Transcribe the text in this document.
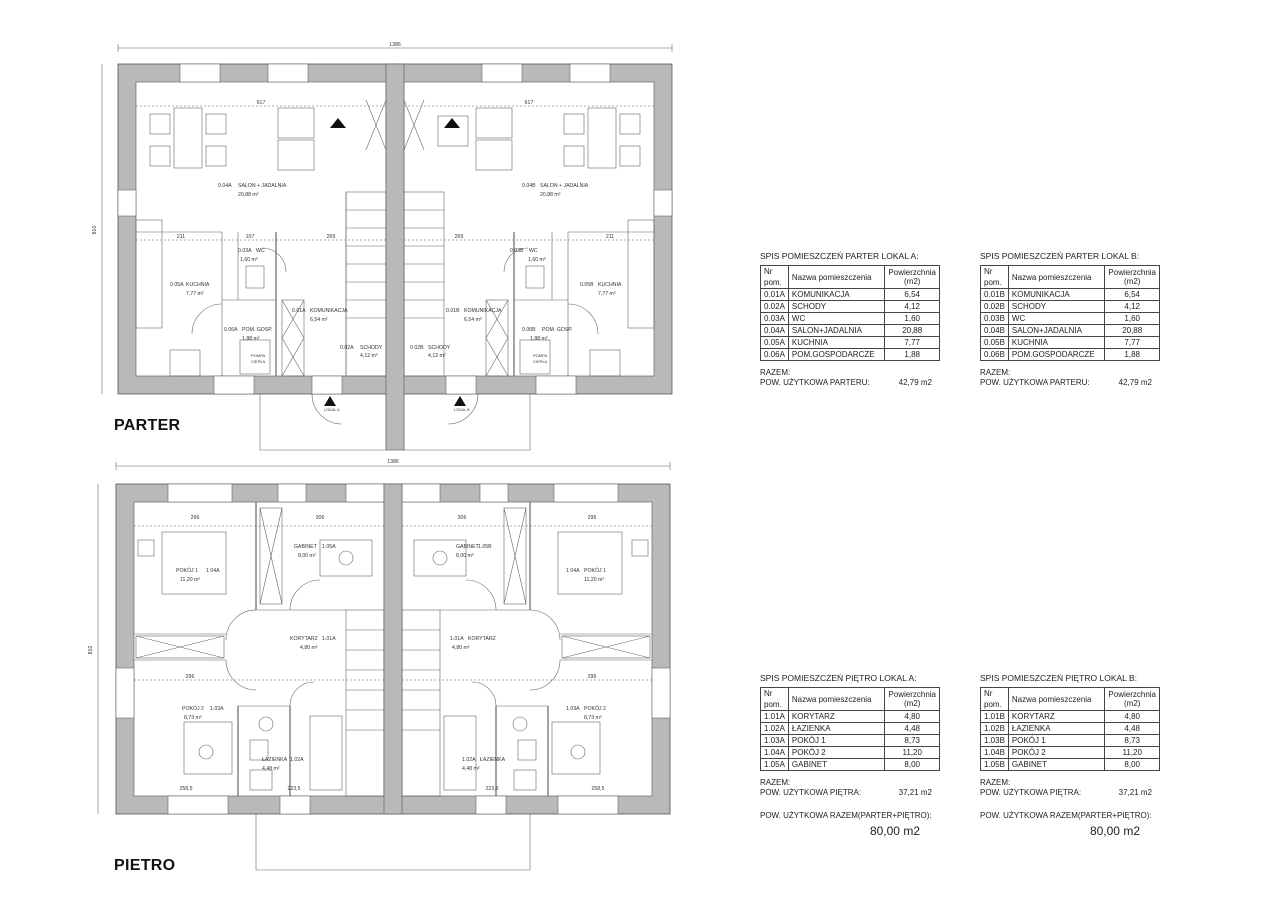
1386
810
617	617
211	269	269	211
107
0.04A SALON + JADALNIA
20,88 m²
0.03A WC
1,60 m²
0.05A KUCHNIA
7,77 m²
0.06A POM. GOSP.
1,88 m²
0.01A KOMUNIKACJA
6,54 m²
0.02A SCHODY
4,12 m²
POMPA
CIEPŁA
LOKAL A
0.04B SALON + JADALNIA
20,88 m²
0.03B WC
1,60 m²
0.05B KUCHNIA
7,77 m²
0.06B POM. GOSP.
1,88 m²
0.01B KOMUNIKACJA
6,54 m²
0.02B SCHODY
4,12 m²	POMPA
CIEPŁA
LOKAL B
1386
810
296	306	306	296
296	296
223,5	223,5
258,5	258,5
POKÓJ 1 1.04A
11,20 m²
GABINET 1.05A
8,00 m²
KORYTARZ 1.01A
4,80 m²
POKÓJ 2 1.03A
8,73 m²
ŁAZIENKA 1.02A
4,48 m²
GABINET 1.05B
8,00 m²
1.04A POKÓJ 1
11,20 m²
1.01A KORYTARZ
4,80 m²
1.03A POKÓJ 2
8,73 m²
1.02A ŁAZIENKA
4,48 m²
PARTER
PIETRO
SPIS POMIESZCZEŃ PARTER LOKAL A:
Nr pom.	Nazwa pomieszczenia	Powierzchnia (m2)
0.01A	KOMUNIKACJA	6,54
0.02A	SCHODY	4,12
0.03A	WC	1,60
0.04A	SALON+JADALNIA	20,88
0.05A	KUCHNIA	7,77
0.06A	POM.GOSPODARCZE	1,88
RAZEM:
POW. UŻYTKOWA PARTERU:	42,79 m2
SPIS POMIESZCZEŃ PARTER LOKAL B:
Nr pom.	Nazwa pomieszczenia	Powierzchnia (m2)
0.01B	KOMUNIKACJA	6,54
0.02B	SCHODY	4,12
0.03B	WC	1,60
0.04B	SALON+JADALNIA	20,88
0.05B	KUCHNIA	7,77
0.06B	POM.GOSPODARCZE	1,88
RAZEM:
POW. UŻYTKOWA PARTERU:	42,79 m2
SPIS POMIESZCZEŃ PIĘTRO LOKAL A:
Nr pom.	Nazwa pomieszczenia	Powierzchnia (m2)
1.01A	KORYTARZ	4,80
1.02A	ŁAZIENKA	4,48
1.03A	POKÓJ 1	8,73
1.04A	POKÓJ 2	11,20
1.05A	GABINET	8,00
RAZEM:
POW. UŻYTKOWA PIĘTRA:	37,21 m2
POW. UŻYTKOWA RAZEM(PARTER+PIĘTRO):
80,00 m2
SPIS POMIESZCZEŃ PIĘTRO LOKAL B:
Nr pom.	Nazwa pomieszczenia	Powierzchnia (m2)
1.01B	KORYTARZ	4,80
1.02B	ŁAZIENKA	4,48
1.03B	POKÓJ 1	8,73
1.04B	POKÓJ 2	11,20
1.05B	GABINET	8,00
RAZEM:
POW. UŻYTKOWA PIĘTRA:	37,21 m2
POW. UŻYTKOWA RAZEM(PARTER+PIĘTRO):
80,00 m2
